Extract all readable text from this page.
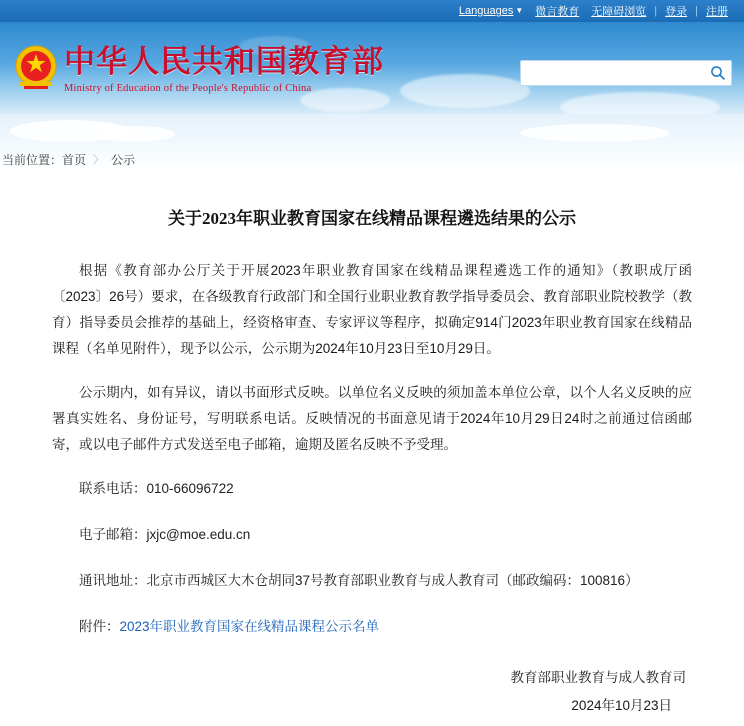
Languages ▼ 微言教育 无障碍浏览 | 登录 | 注册
中华人民共和国教育部
Ministry of Education of the People's Republic of China
当前位置： 首页 〉 公示
关于2023年职业教育国家在线精品课程遴选结果的公示

根据《教育部办公厅关于开展2023年职业教育国家在线精品课程遴选工作的通知》（教职成厅函〔2023〕26号）要求，在各级教育行政部门和全国行业职业教育教学指导委员会、教育部职业院校教学（教育）指导委员会推荐的基础上，经资格审查、专家评议等程序，拟确定914门2023年职业教育国家在线精品课程（名单见附件），现予以公示，公示期为2024年10月23日至10月29日。

公示期内，如有异议，请以书面形式反映。以单位名义反映的须加盖本单位公章，以个人名义反映的应署真实姓名、身份证号，写明联系电话。反映情况的书面意见请于2024年10月29日24时之前通过信函邮寄，或以电子邮件方式发送至电子邮箱，逾期及匿名反映不予受理。

联系电话：010-66096722
电子邮箱：jxjc@moe.edu.cn
通讯地址：北京市西城区大木仓胡同37号教育部职业教育与成人教育司（邮政编码：100816）
附件：2023年职业教育国家在线精品课程公示名单
教育部职业教育与成人教育司
2024年10月23日
